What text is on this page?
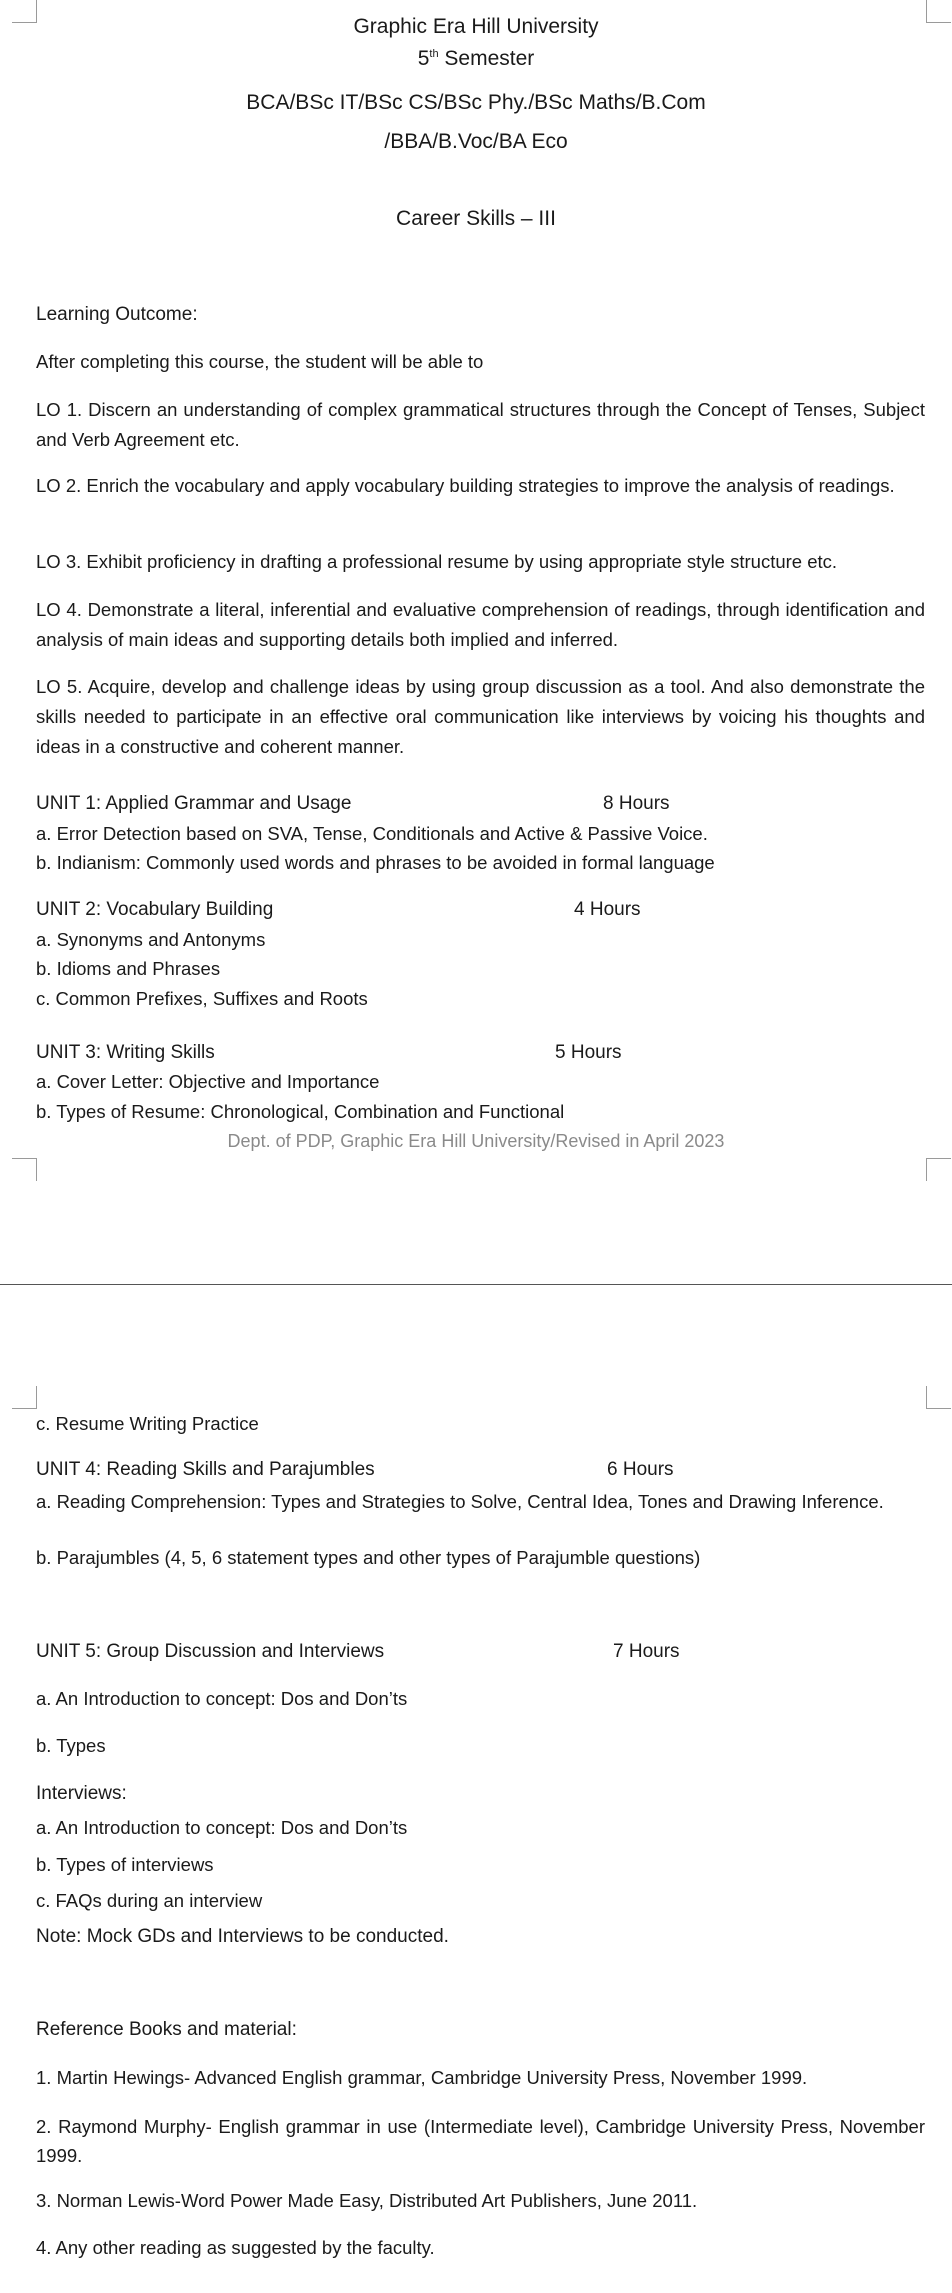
Graphic Era Hill University
5th Semester
BCA/BSc IT/BSc CS/BSc Phy./BSc Maths/B.Com
/BBA/B.Voc/BA Eco
Career Skills – III
Learning Outcome:
After completing this course, the student will be able to
LO 1. Discern an understanding of complex grammatical structures through the Concept of Tenses, Subject and Verb Agreement etc.
LO 2. Enrich the vocabulary and apply vocabulary building strategies to improve the analysis of readings.
LO 3. Exhibit proficiency in drafting a professional resume by using appropriate style structure etc.
LO 4. Demonstrate a literal, inferential and evaluative comprehension of readings, through identification and analysis of main ideas and supporting details both implied and inferred.
LO 5. Acquire, develop and challenge ideas by using group discussion as a tool. And also demonstrate the skills needed to participate in an effective oral communication like interviews by voicing his thoughts and ideas in a constructive and coherent manner.
UNIT 1: Applied Grammar and Usage	8 Hours
a. Error Detection based on SVA, Tense, Conditionals and Active & Passive Voice.
b. Indianism: Commonly used words and phrases to be avoided in formal language
UNIT 2: Vocabulary Building	4 Hours
a. Synonyms and Antonyms
b. Idioms and Phrases
c. Common Prefixes, Suffixes and Roots
UNIT 3: Writing Skills	5 Hours
a. Cover Letter: Objective and Importance
b. Types of Resume: Chronological, Combination and Functional
Dept. of PDP, Graphic Era Hill University/Revised in April 2023
c. Resume Writing Practice
UNIT 4: Reading Skills and Parajumbles	6 Hours
a. Reading Comprehension: Types and Strategies to Solve, Central Idea, Tones and Drawing Inference.
b. Parajumbles (4, 5, 6 statement types and other types of Parajumble questions)
UNIT 5: Group Discussion and Interviews	7 Hours
a. An Introduction to concept: Dos and Don’ts
b. Types
Interviews:
a. An Introduction to concept: Dos and Don’ts
b. Types of interviews
c. FAQs during an interview
Note: Mock GDs and Interviews to be conducted.
Reference Books and material:
1. Martin Hewings- Advanced English grammar, Cambridge University Press, November 1999.
2. Raymond Murphy- English grammar in use (Intermediate level), Cambridge University Press, November 1999.
3. Norman Lewis-Word Power Made Easy, Distributed Art Publishers, June 2011.
4. Any other reading as suggested by the faculty.
